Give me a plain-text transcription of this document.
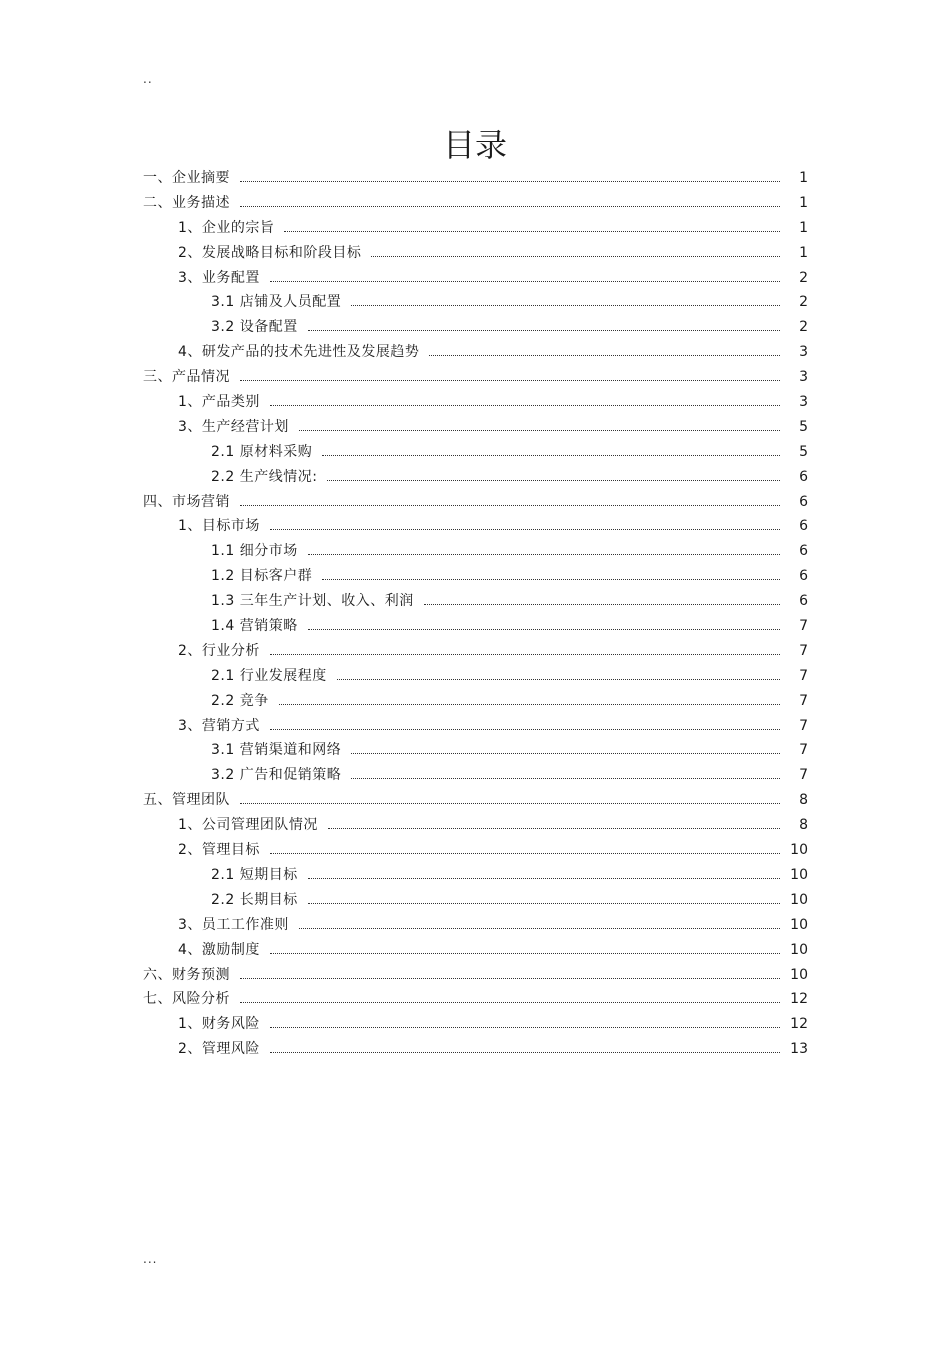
..
目录
一、企业摘要	1
二、业务描述	1
1、企业的宗旨	1
2、发展战略目标和阶段目标	1
3、业务配置	2
3.1 店铺及人员配置	2
3.2 设备配置	2
4、研发产品的技术先进性及发展趋势	3
三、产品情况	3
1、产品类别	3
3、生产经营计划	5
2.1 原材料采购	5
2.2 生产线情况:	6
四、市场营销	6
1、目标市场	6
1.1 细分市场	6
1.2 目标客户群	6
1.3 三年生产计划、收入、利润	6
1.4 营销策略	7
2、行业分析	7
2.1 行业发展程度	7
2.2 竞争	7
3、营销方式	7
3.1 营销渠道和网络	7
3.2 广告和促销策略	7
五、管理团队	8
1、公司管理团队情况	8
2、管理目标	10
2.1 短期目标	10
2.2 长期目标	10
3、员工工作准则	10
4、激励制度	10
六、财务预测	10
七、风险分析	12
1、财务风险	12
2、管理风险	13
...
